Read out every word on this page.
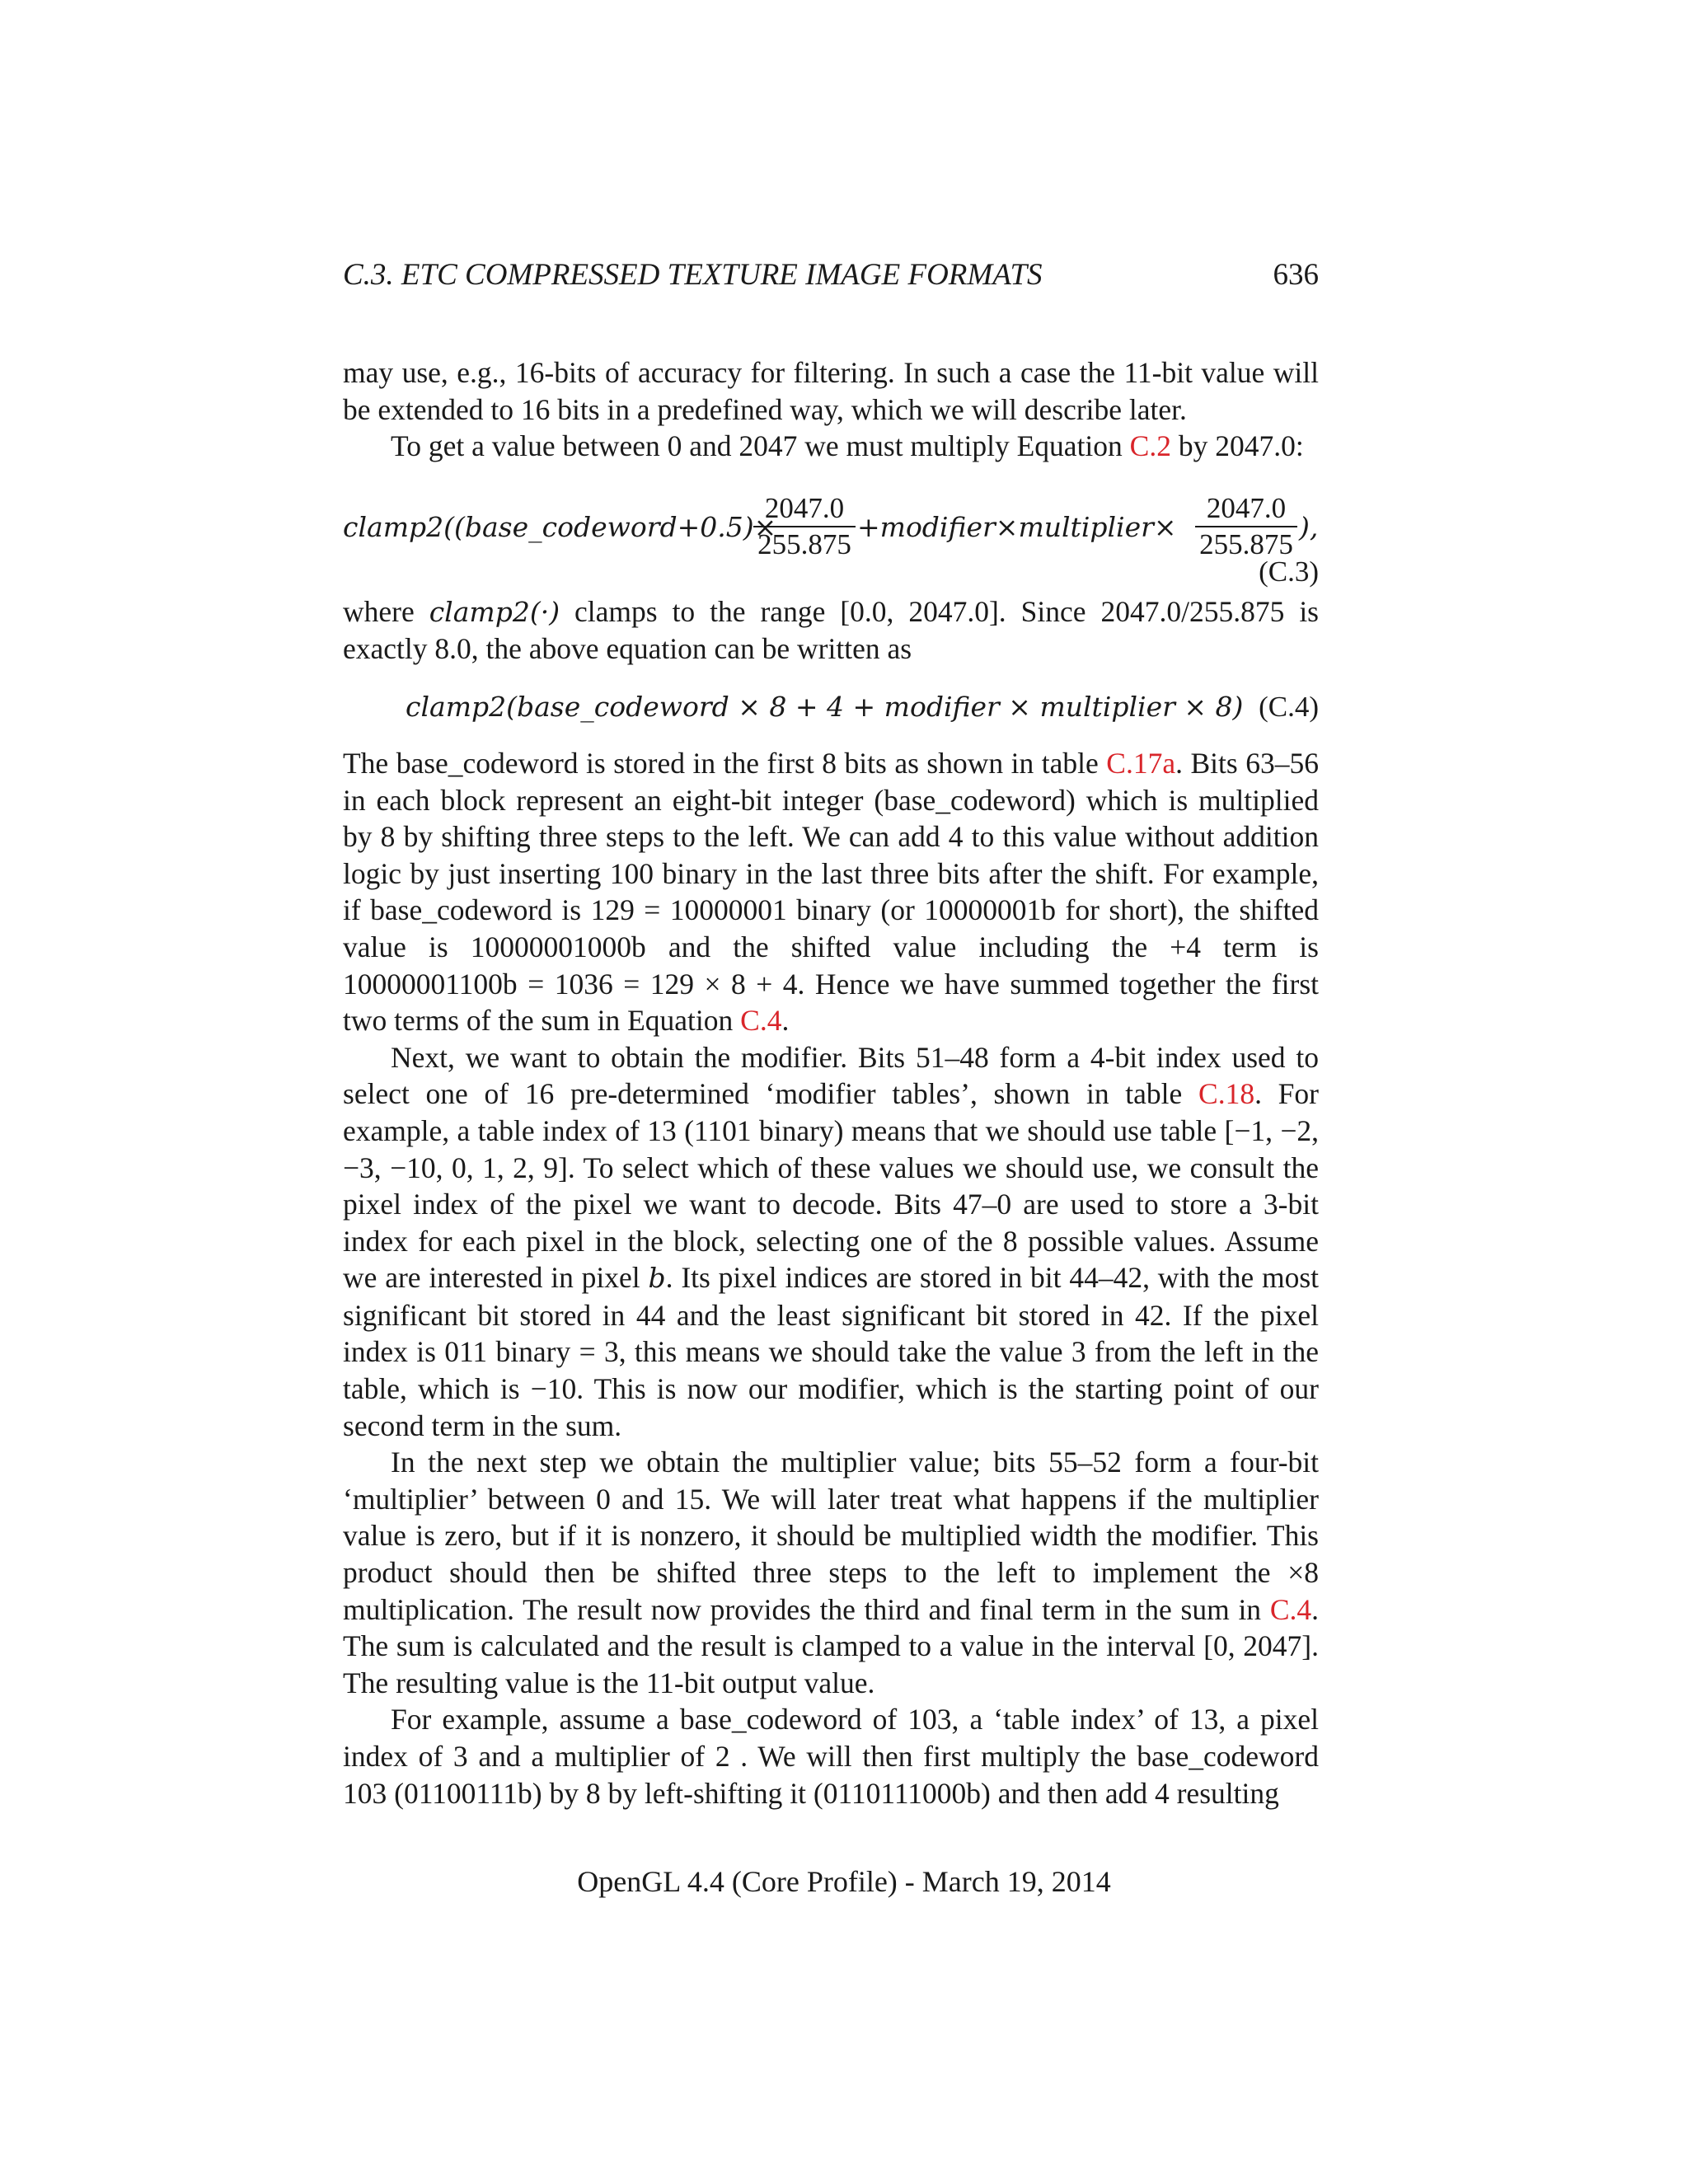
C.3. ETC COMPRESSED TEXTURE IMAGE FORMATS	636

may use, e.g., 16-bits of accuracy for filtering. In such a case the 11-bit value will be extended to 16 bits in a predefined way, which we will describe later.

To get a value between 0 and 2047 we must multiply Equation C.2 by 2047.0:

clamp2((base_codeword+0.5)×
$\frac{2047.0}{255.875}$ +modifier×multiplier× $\frac{2047.0}{255.875}$ ),
(C.3)

where clamp2(·) clamps to the range [0.0, 2047.0]. Since 2047.0/255.875 is exactly 8.0, the above equation can be written as

clamp2(base_codeword × 8 + 4 + modifier × multiplier × 8) (C.4)

The base_codeword is stored in the first 8 bits as shown in table C.17a. Bits 63–56 in each block represent an eight-bit integer (base_codeword) which is multiplied by 8 by shifting three steps to the left. We can add 4 to this value without addition logic by just inserting 100 binary in the last three bits after the shift. For example, if base_codeword is 129 = 10000001 binary (or 10000001b for short), the shifted value is 10000001000b and the shifted value including the +4 term is 10000001100b = 1036 = 129 × 8 + 4. Hence we have summed together the first two terms of the sum in Equation C.4.

Next, we want to obtain the modifier. Bits 51–48 form a 4-bit index used to select one of 16 pre-determined ‘modifier tables’, shown in table C.18. For example, a table index of 13 (1101 binary) means that we should use table [−1, −2, −3, −10, 0, 1, 2, 9]. To select which of these values we should use, we consult the pixel index of the pixel we want to decode. Bits 47–0 are used to store a 3-bit index for each pixel in the block, selecting one of the 8 possible values. Assume we are interested in pixel b. Its pixel indices are stored in bit 44–42, with the most significant bit stored in 44 and the least significant bit stored in 42. If the pixel index is 011 binary = 3, this means we should take the value 3 from the left in the table, which is −10. This is now our modifier, which is the starting point of our second term in the sum.

In the next step we obtain the multiplier value; bits 55–52 form a four-bit ‘multiplier’ between 0 and 15. We will later treat what happens if the multiplier value is zero, but if it is nonzero, it should be multiplied width the modifier. This product should then be shifted three steps to the left to implement the ×8 multiplication. The result now provides the third and final term in the sum in C.4. The sum is calculated and the result is clamped to a value in the interval [0, 2047]. The resulting value is the 11-bit output value.

For example, assume a base_codeword of 103, a ‘table index’ of 13, a pixel index of 3 and a multiplier of 2 . We will then first multiply the base_codeword 103 (01100111b) by 8 by left-shifting it (0110111000b) and then add 4 resulting

OpenGL 4.4 (Core Profile) - March 19, 2014
